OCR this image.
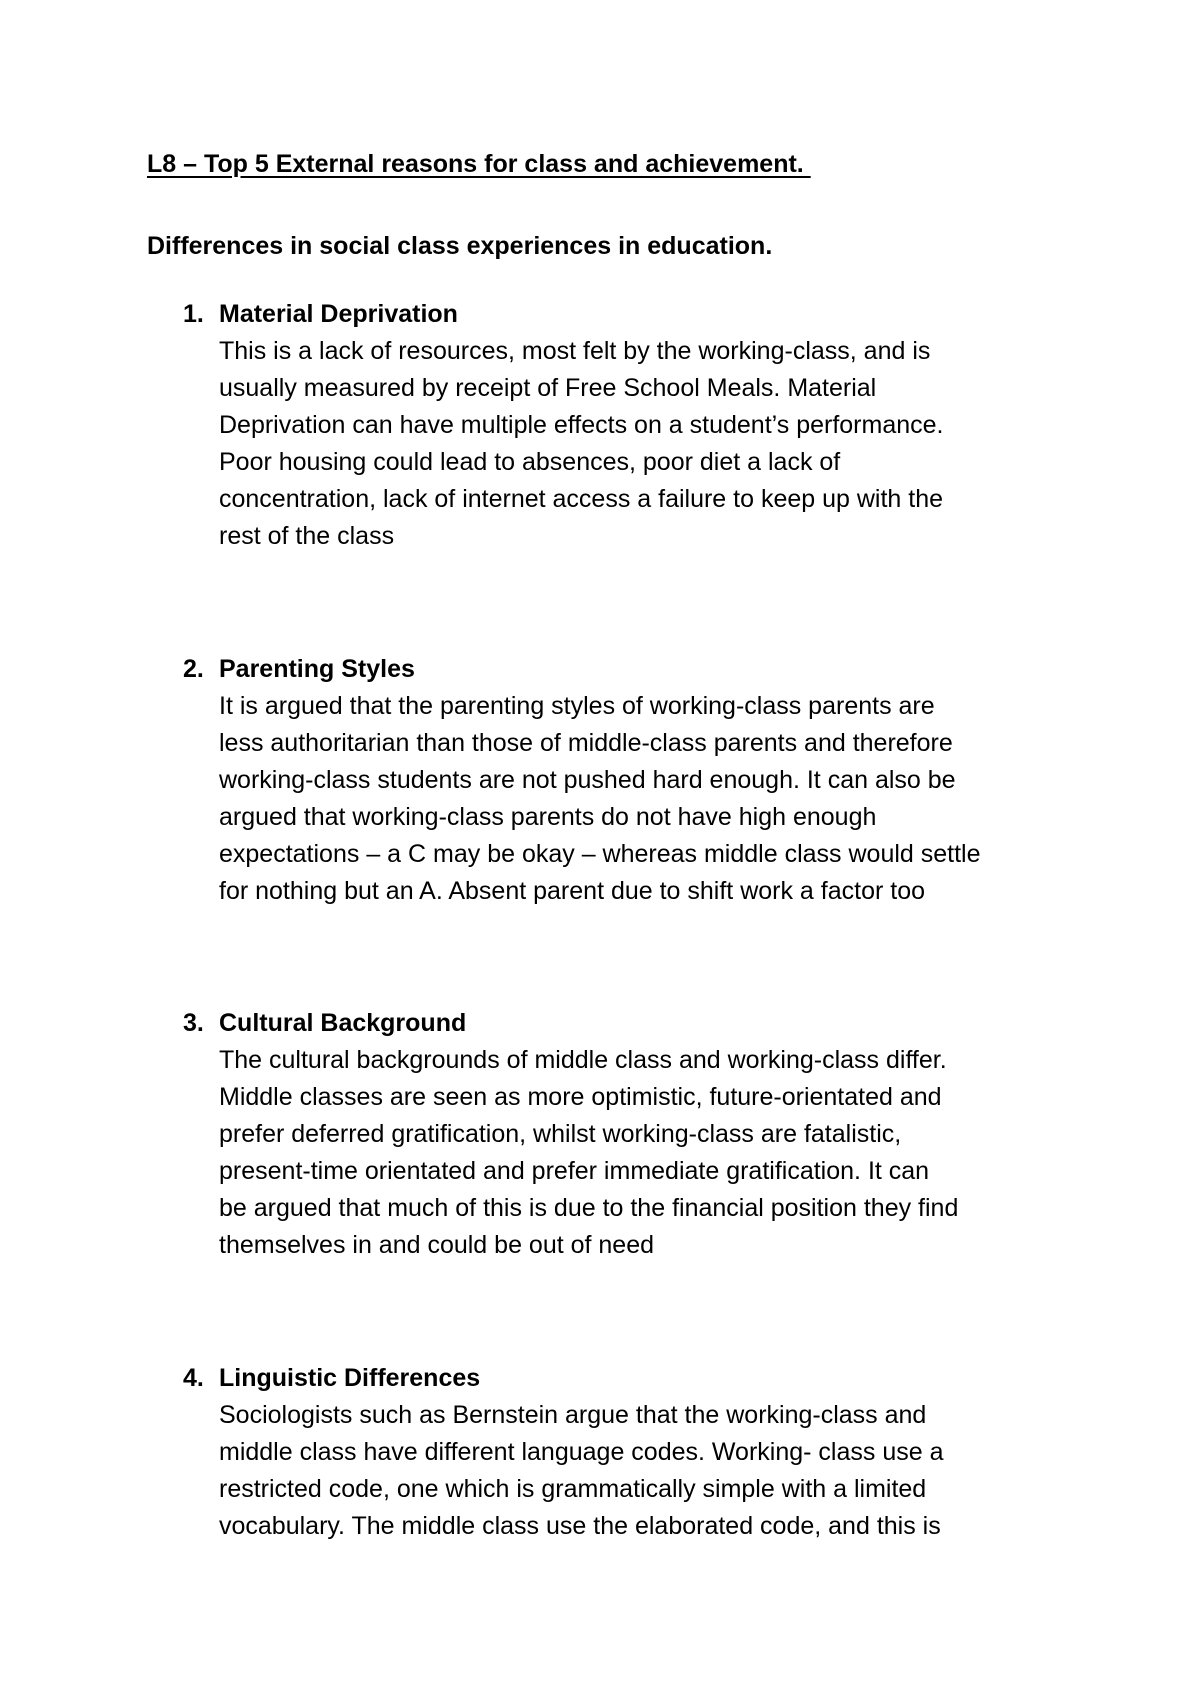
L8 – Top 5 External reasons for class and achievement.
Differences in social class experiences in education.
1. Material Deprivation
This is a lack of resources, most felt by the working-class, and is
usually measured by receipt of Free School Meals. Material
Deprivation can have multiple effects on a student’s performance.
Poor housing could lead to absences, poor diet a lack of
concentration, lack of internet access a failure to keep up with the
rest of the class
2. Parenting Styles
It is argued that the parenting styles of working-class parents are
less authoritarian than those of middle-class parents and therefore
working-class students are not pushed hard enough. It can also be
argued that working-class parents do not have high enough
expectations – a C may be okay – whereas middle class would settle
for nothing but an A. Absent parent due to shift work a factor too
3. Cultural Background
The cultural backgrounds of middle class and working-class differ.
Middle classes are seen as more optimistic, future-orientated and
prefer deferred gratification, whilst working-class are fatalistic,
present-time orientated and prefer immediate gratification. It can
be argued that much of this is due to the financial position they find
themselves in and could be out of need
4. Linguistic Differences
Sociologists such as Bernstein argue that the working-class and
middle class have different language codes. Working- class use a
restricted code, one which is grammatically simple with a limited
vocabulary. The middle class use the elaborated code, and this is
